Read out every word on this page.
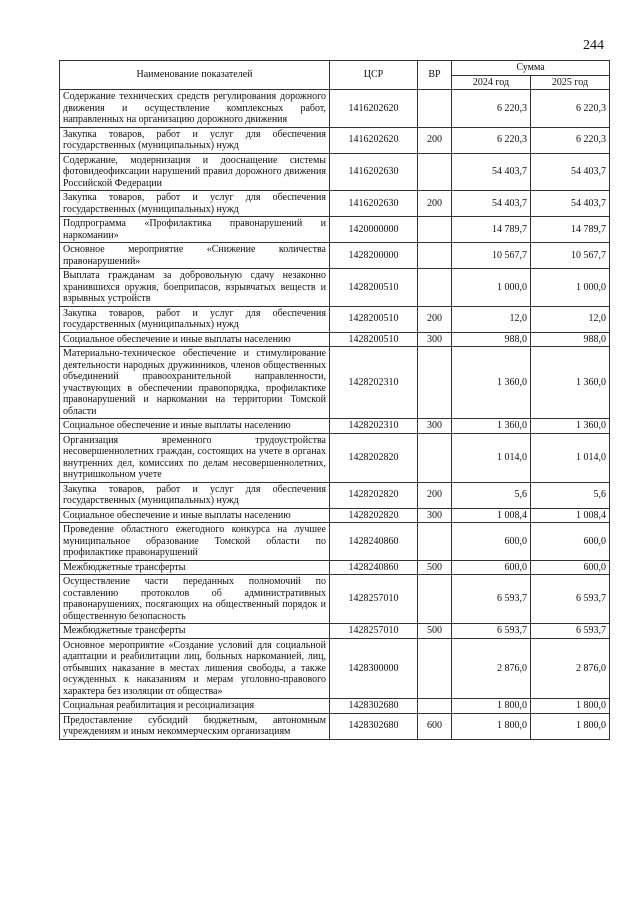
244
Наименование показателей	ЦСР	ВР	Сумма	
			2024 год	2025 год
Содержание технических средств регулирования дорожного движения и осуществление комплексных работ, направленных на организацию дорожного движения	1416202620		6 220,3	6 220,3
Закупка товаров, работ и услуг для обеспечения государственных (муниципальных) нужд	1416202620	200	6 220,3	6 220,3
Содержание, модернизация и дооснащение системы фотовидеофиксации нарушений правил дорожного движения Российской Федерации	1416202630		54 403,7	54 403,7
Закупка товаров, работ и услуг для обеспечения государственных (муниципальных) нужд	1416202630	200	54 403,7	54 403,7
Подпрограмма «Профилактика правонарушений и наркомании»	1420000000		14 789,7	14 789,7
Основное мероприятие «Снижение количества правонарушений»	1428200000		10 567,7	10 567,7
Выплата гражданам за добровольную сдачу незаконно хранившихся оружия, боеприпасов, взрывчатых веществ и взрывных устройств	1428200510		1 000,0	1 000,0
Закупка товаров, работ и услуг для обеспечения государственных (муниципальных) нужд	1428200510	200	12,0	12,0
Социальное обеспечение и иные выплаты населению	1428200510	300	988,0	988,0
Материально-техническое обеспечение и стимулирование деятельности народных дружинников, членов общественных объединений правоохранительной направленности, участвующих в обеспечении правопорядка, профилактике правонарушений и наркомании на территории Томской области	1428202310		1 360,0	1 360,0
Социальное обеспечение и иные выплаты населению	1428202310	300	1 360,0	1 360,0
Организация временного трудоустройства несовершеннолетних граждан, состоящих на учете в органах внутренних дел, комиссиях по делам несовершеннолетних, внутришкольном учете	1428202820		1 014,0	1 014,0
Закупка товаров, работ и услуг для обеспечения государственных (муниципальных) нужд	1428202820	200	5,6	5,6
Социальное обеспечение и иные выплаты населению	1428202820	300	1 008,4	1 008,4
Проведение областного ежегодного конкурса на лучшее муниципальное образование Томской области по профилактике правонарушений	1428240860		600,0	600,0
Межбюджетные трансферты	1428240860	500	600,0	600,0
Осуществление части переданных полномочий по составлению протоколов об административных правонарушениях, посягающих на общественный порядок и общественную безопасность	1428257010		6 593,7	6 593,7
Межбюджетные трансферты	1428257010	500	6 593,7	6 593,7
Основное мероприятие «Создание условий для социальной адаптации и реабилитации лиц, больных наркоманией, лиц, отбывших наказание в местах лишения свободы, а также осужденных к наказаниям и мерам уголовно-правового характера без изоляции от общества»	1428300000		2 876,0	2 876,0
Социальная реабилитация и ресоциализация	1428302680		1 800,0	1 800,0
Предоставление субсидий бюджетным, автономным учреждениям и иным некоммерческим организациям	1428302680	600	1 800,0	1 800,0
